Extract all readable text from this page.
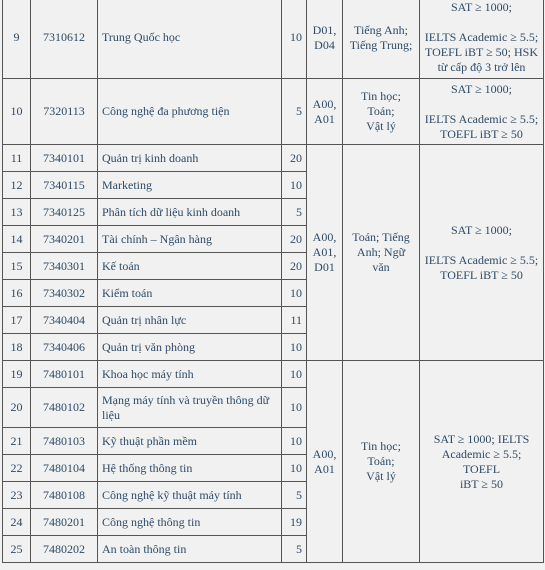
9	7310612	Trung Quốc học	10	D01,
D04	Tiếng Anh;
Tiếng Trung;	SAT ≥ 1000;

IELTS Academic ≥ 5.5;
TOEFL iBT ≥ 50; HSK
từ cấp độ 3 trở lên
10	7320113	Công nghệ đa phương tiện	5	A00,
A01	Tin học; Toán;
Vật lý	SAT ≥ 1000;

IELTS Academic ≥ 5.5;
TOEFL iBT ≥ 50
11	7340101	Quản trị kinh doanh	20	A00,
A01,
D01	Toán; Tiếng
Anh; Ngữ văn	SAT ≥ 1000;

IELTS Academic ≥ 5.5;
TOEFL iBT ≥ 50
12	7340115	Marketing	10			
13	7340125	Phân tích dữ liệu kinh doanh	5			
14	7340201	Tài chính – Ngân hàng	20			
15	7340301	Kế toán	20			
16	7340302	Kiểm toán	10			
17	7340404	Quản trị nhân lực	11			
18	7340406	Quản trị văn phòng	10			
19	7480101	Khoa học máy tính	10	A00,
A01	Tin học; Toán;
Vật lý	SAT ≥ 1000; IELTS
Academic ≥ 5.5; TOEFL
iBT ≥ 50
20	7480102	Mạng máy tính và truyền thông dữ liệu	10			
21	7480103	Kỹ thuật phần mềm	10			
22	7480104	Hệ thống thông tin	10			
23	7480108	Công nghệ kỹ thuật máy tính	5			
24	7480201	Công nghệ thông tin	19			
25	7480202	An toàn thông tin	5			
